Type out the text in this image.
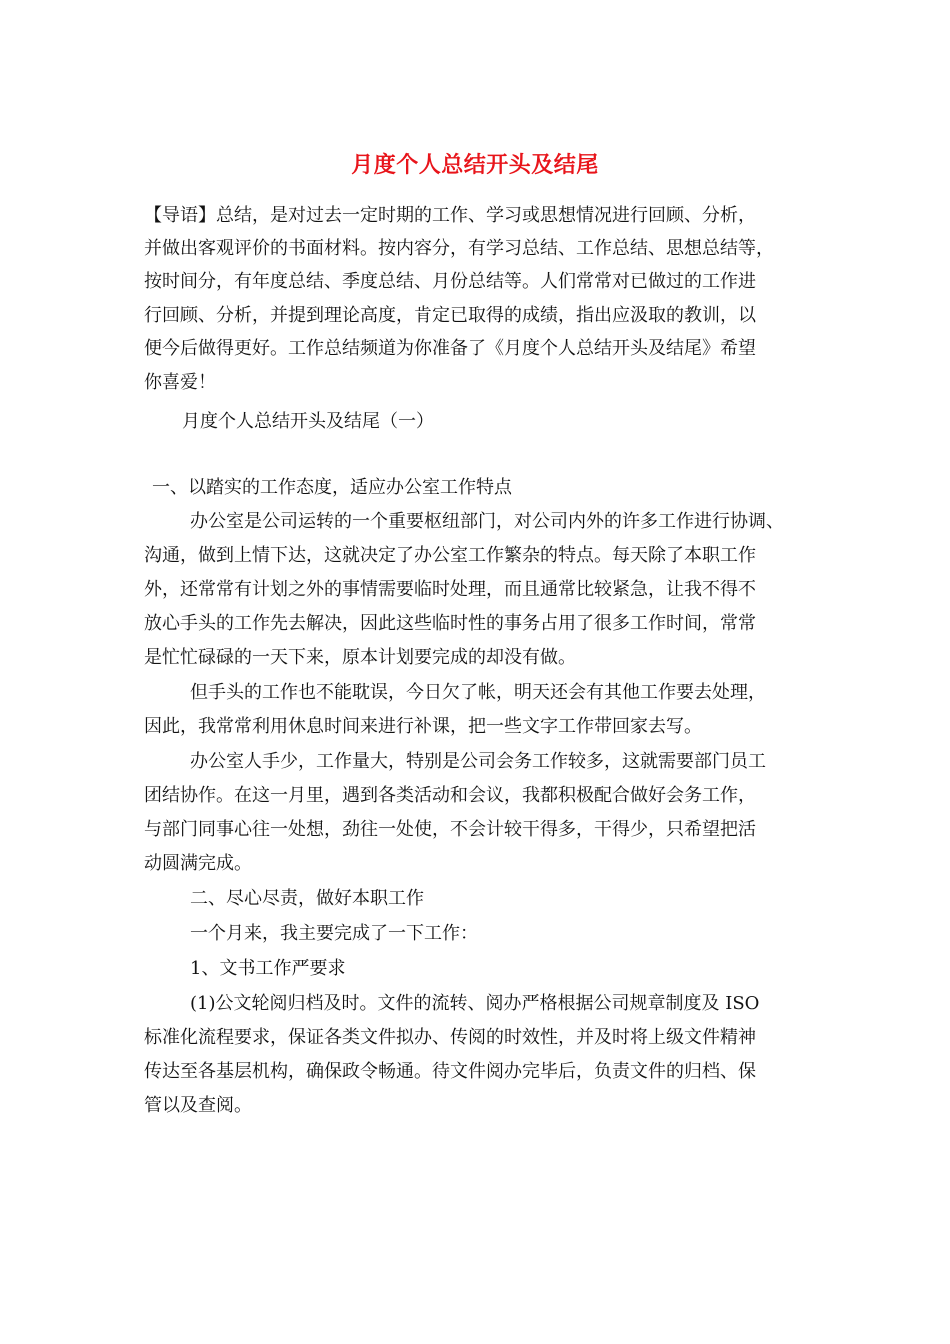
月度个人总结开头及结尾
【导语】总结，是对过去一定时期的工作、学习或思想情况进行回顾、分析，
并做出客观评价的书面材料。按内容分，有学习总结、工作总结、思想总结等，
按时间分，有年度总结、季度总结、月份总结等。人们常常对已做过的工作进
行回顾、分析，并提到理论高度，肯定已取得的成绩，指出应汲取的教训，以
便今后做得更好。工作总结频道为你准备了《月度个人总结开头及结尾》希望
你喜爱！
月度个人总结开头及结尾（一）
一、以踏实的工作态度，适应办公室工作特点
办公室是公司运转的一个重要枢纽部门，对公司内外的许多工作进行协调、
沟通，做到上情下达，这就决定了办公室工作繁杂的特点。每天除了本职工作
外，还常常有计划之外的事情需要临时处理，而且通常比较紧急，让我不得不
放心手头的工作先去解决，因此这些临时性的事务占用了很多工作时间，常常
是忙忙碌碌的一天下来，原本计划要完成的却没有做。
但手头的工作也不能耽误，今日欠了帐，明天还会有其他工作要去处理，
因此，我常常利用休息时间来进行补课，把一些文字工作带回家去写。
办公室人手少，工作量大，特别是公司会务工作较多，这就需要部门员工
团结协作。在这一月里，遇到各类活动和会议，我都积极配合做好会务工作，
与部门同事心往一处想，劲往一处使，不会计较干得多，干得少，只希望把活
动圆满完成。
二、尽心尽责，做好本职工作
一个月来，我主要完成了一下工作：
1、文书工作严要求
(1)公文轮阅归档及时。文件的流转、阅办严格根据公司规章制度及 ISO
标准化流程要求，保证各类文件拟办、传阅的时效性，并及时将上级文件精神
传达至各基层机构，确保政令畅通。待文件阅办完毕后，负责文件的归档、保
管以及查阅。
